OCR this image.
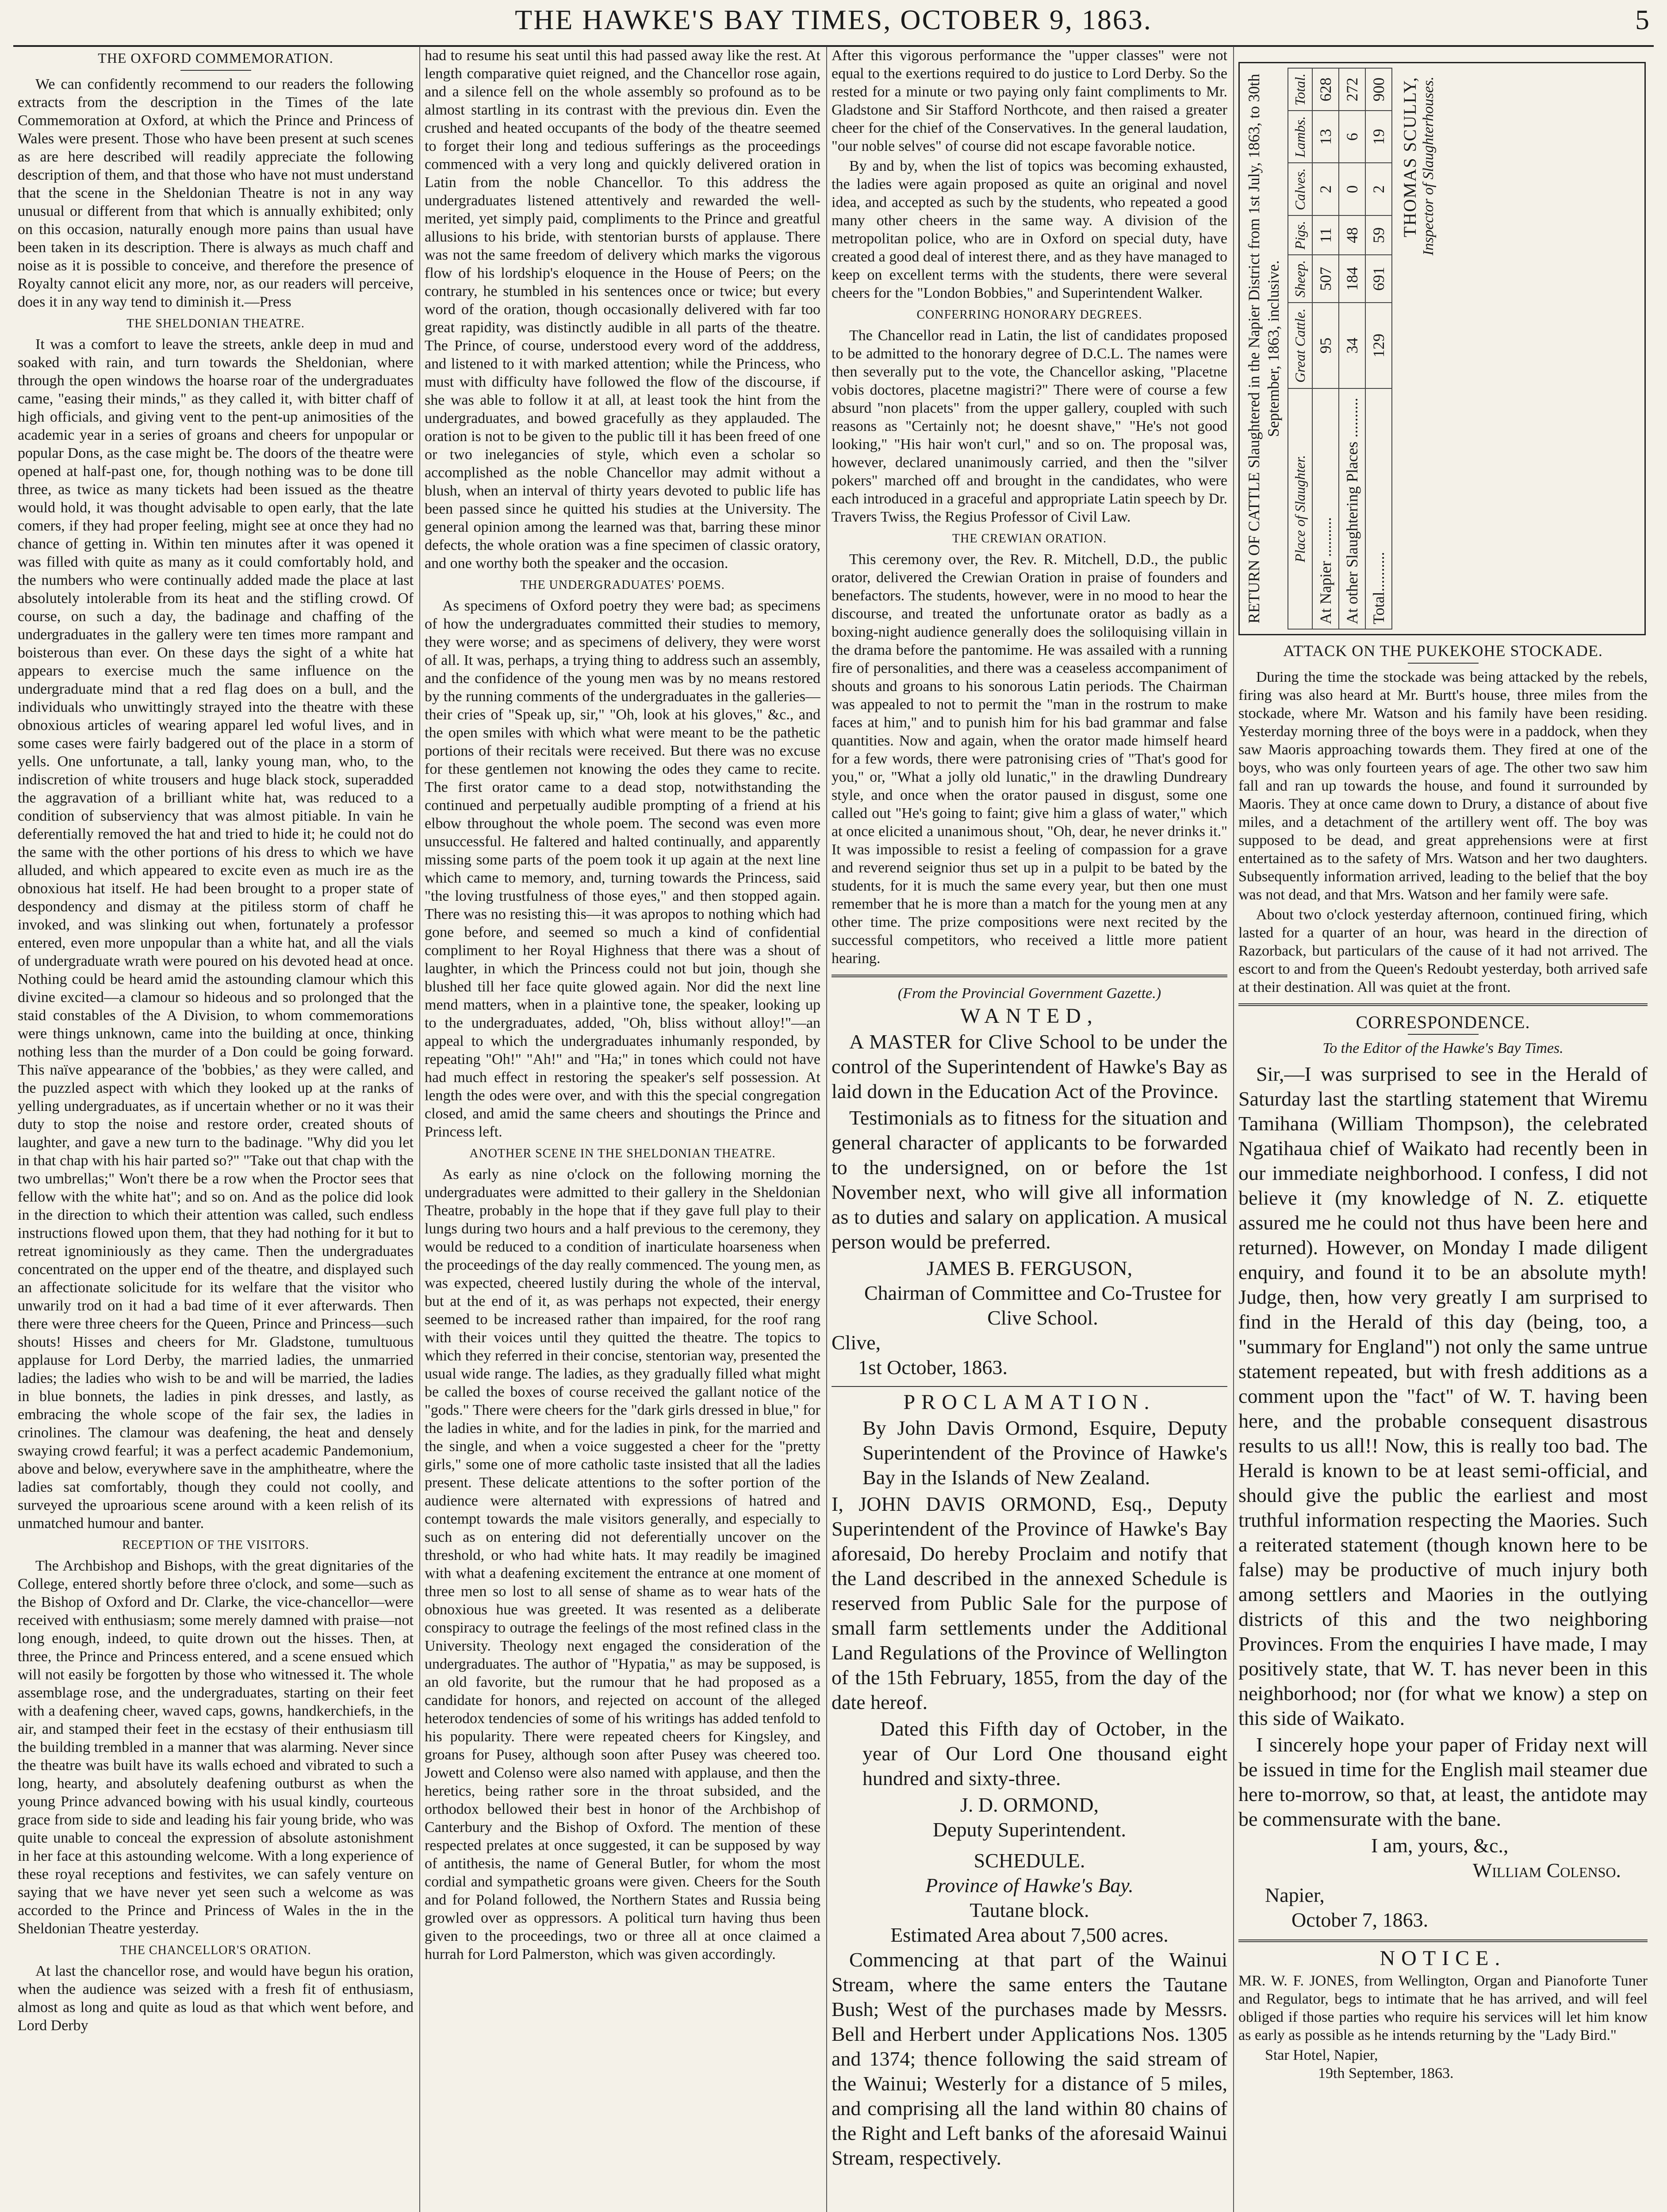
THE HAWKE'S BAY TIMES, OCTOBER 9, 1863.	5
THE OXFORD COMMEMORATION.

We can confidently recommend to our readers the following extracts from the description in the Times of the late Commemoration at Oxford, at which the Prince and Princess of Wales were present. Those who have been present at such scenes as are here described will readily appreciate the following description of them, and that those who have not must understand that the scene in the Sheldonian Theatre is not in any way unusual or different from that which is annually exhibited; only on this occasion, naturally enough more pains than usual have been taken in its description. There is always as much chaff and noise as it is possible to conceive, and therefore the presence of Royalty cannot elicit any more, nor, as our readers will perceive, does it in any way tend to diminish it.—Press

THE SHELDONIAN THEATRE.

It was a comfort to leave the streets, ankle deep in mud and soaked with rain, and turn towards the Sheldonian, where through the open windows the hoarse roar of the undergraduates came, "easing their minds," as they called it, with bitter chaff of high officials, and giving vent to the pent-up animosities of the academic year in a series of groans and cheers for unpopular or popular Dons, as the case might be. The doors of the theatre were opened at half-past one, for, though nothing was to be done till three, as twice as many tickets had been issued as the theatre would hold, it was thought advisable to open early, that the late comers, if they had proper feeling, might see at once they had no chance of getting in. Within ten minutes after it was opened it was filled with quite as many as it could comfortably hold, and the numbers who were continually added made the place at last absolutely intolerable from its heat and the stifling crowd. Of course, on such a day, the badinage and chaffing of the undergraduates in the gallery were ten times more rampant and boisterous than ever. On these days the sight of a white hat appears to exercise much the same influence on the undergraduate mind that a red flag does on a bull, and the individuals who unwittingly strayed into the theatre with these obnoxious articles of wearing apparel led woful lives, and in some cases were fairly badgered out of the place in a storm of yells. One unfortunate, a tall, lanky young man, who, to the indiscretion of white trousers and huge black stock, superadded the aggravation of a brilliant white hat, was reduced to a condition of subserviency that was almost pitiable. In vain he deferentially removed the hat and tried to hide it; he could not do the same with the other portions of his dress to which we have alluded, and which appeared to excite even as much ire as the obnoxious hat itself. He had been brought to a proper state of despondency and dismay at the pitiless storm of chaff he invoked, and was slinking out when, fortunately a professor entered, even more unpopular than a white hat, and all the vials of undergraduate wrath were poured on his devoted head at once. Nothing could be heard amid the astounding clamour which this divine excited—a clamour so hideous and so prolonged that the staid constables of the A Division, to whom commemorations were things unknown, came into the building at once, thinking nothing less than the murder of a Don could be going forward. This naïve appearance of the 'bobbies,' as they were called, and the puzzled aspect with which they looked up at the ranks of yelling undergraduates, as if uncertain whether or no it was their duty to stop the noise and restore order, created shouts of laughter, and gave a new turn to the badinage. "Why did you let in that chap with his hair parted so?" "Take out that chap with the two umbrellas;" Won't there be a row when the Proctor sees that fellow with the white hat"; and so on. And as the police did look in the direction to which their attention was called, such endless instructions flowed upon them, that they had nothing for it but to retreat ignominiously as they came. Then the undergraduates concentrated on the upper end of the theatre, and displayed such an affectionate solicitude for its welfare that the visitor who unwarily trod on it had a bad time of it ever afterwards. Then there were three cheers for the Queen, Prince and Princess—such shouts! Hisses and cheers for Mr. Gladstone, tumultuous applause for Lord Derby, the married ladies, the unmarried ladies; the ladies who wish to be and will be married, the ladies in blue bonnets, the ladies in pink dresses, and lastly, as embracing the whole scope of the fair sex, the ladies in crinolines. The clamour was deafening, the heat and densely swaying crowd fearful; it was a perfect academic Pandemonium, above and below, everywhere save in the amphitheatre, where the ladies sat comfortably, though they could not coolly, and surveyed the uproarious scene around with a keen relish of its unmatched humour and banter.

RECEPTION OF THE VISITORS.

The Archbishop and Bishops, with the great dignitaries of the College, entered shortly before three o'clock, and some—such as the Bishop of Oxford and Dr. Clarke, the vice-chancellor—were received with enthusiasm; some merely damned with praise—not long enough, indeed, to quite drown out the hisses. Then, at three, the Prince and Princess entered, and a scene ensued which will not easily be forgotten by those who witnessed it. The whole assemblage rose, and the undergraduates, starting on their feet with a deafening cheer, waved caps, gowns, handkerchiefs, in the air, and stamped their feet in the ecstasy of their enthusiasm till the building trembled in a manner that was alarming. Never since the theatre was built have its walls echoed and vibrated to such a long, hearty, and absolutely deafening outburst as when the young Prince advanced bowing with his usual kindly, courteous grace from side to side and leading his fair young bride, who was quite unable to conceal the expression of absolute astonishment in her face at this astounding welcome. With a long experience of these royal receptions and festivites, we can safely venture on saying that we have never yet seen such a welcome as was accorded to the Prince and Princess of Wales in the in the Sheldonian Theatre yesterday.

THE CHANCELLOR'S ORATION.

At last the chancellor rose, and would have begun his oration, when the audience was seized with a fresh fit of enthusiasm, almost as long and quite as loud as that which went before, and Lord Derby

had to resume his seat until this had passed away like the rest. At length comparative quiet reigned, and the Chancellor rose again, and a silence fell on the whole assembly so profound as to be almost startling in its contrast with the previous din. Even the crushed and heated occupants of the body of the theatre seemed to forget their long and tedious sufferings as the proceedings commenced with a very long and quickly delivered oration in Latin from the noble Chancellor. To this address the undergraduates listened attentively and rewarded the well-merited, yet simply paid, compliments to the Prince and greatful allusions to his bride, with stentorian bursts of applause. There was not the same freedom of delivery which marks the vigorous flow of his lordship's eloquence in the House of Peers; on the contrary, he stumbled in his sentences once or twice; but every word of the oration, though occasionally delivered with far too great rapidity, was distinctly audible in all parts of the theatre. The Prince, of course, understood every word of the adddress, and listened to it with marked attention; while the Princess, who must with difficulty have followed the flow of the discourse, if she was able to follow it at all, at least took the hint from the undergraduates, and bowed gracefully as they applauded. The oration is not to be given to the public till it has been freed of one or two inelegancies of style, which even a scholar so accomplished as the noble Chancellor may admit without a blush, when an interval of thirty years devoted to public life has been passed since he quitted his studies at the University. The general opinion among the learned was that, barring these minor defects, the whole oration was a fine specimen of classic oratory, and one worthy both the speaker and the occasion.

THE UNDERGRADUATES' POEMS.

As specimens of Oxford poetry they were bad; as specimens of how the undergraduates committed their studies to memory, they were worse; and as specimens of delivery, they were worst of all. It was, perhaps, a trying thing to address such an assembly, and the confidence of the young men was by no means restored by the running comments of the undergraduates in the galleries—their cries of "Speak up, sir," "Oh, look at his gloves," &c., and the open smiles with which what were meant to be the pathetic portions of their recitals were received. But there was no excuse for these gentlemen not knowing the odes they came to recite. The first orator came to a dead stop, notwithstanding the continued and perpetually audible prompting of a friend at his elbow throughout the whole poem. The second was even more unsuccessful. He faltered and halted continually, and apparently missing some parts of the poem took it up again at the next line which came to memory, and, turning towards the Princess, said "the loving trustfulness of those eyes," and then stopped again. There was no resisting this—it was apropos to nothing which had gone before, and seemed so much a kind of confidential compliment to her Royal Highness that there was a shout of laughter, in which the Princess could not but join, though she blushed till her face quite glowed again. Nor did the next line mend matters, when in a plaintive tone, the speaker, looking up to the undergraduates, added, "Oh, bliss without alloy!"—an appeal to which the undergraduates inhumanly responded, by repeating "Oh!" "Ah!" and "Ha;" in tones which could not have had much effect in restoring the speaker's self possession. At length the odes were over, and with this the special congregation closed, and amid the same cheers and shoutings the Prince and Princess left.

ANOTHER SCENE IN THE SHELDONIAN THEATRE.

As early as nine o'clock on the following morning the undergraduates were admitted to their gallery in the Sheldonian Theatre, probably in the hope that if they gave full play to their lungs during two hours and a half previous to the ceremony, they would be reduced to a condition of inarticulate hoarseness when the proceedings of the day really commenced. The young men, as was expected, cheered lustily during the whole of the interval, but at the end of it, as was perhaps not expected, their energy seemed to be increased rather than impaired, for the roof rang with their voices until they quitted the theatre. The topics to which they referred in their concise, stentorian way, presented the usual wide range. The ladies, as they gradually filled what might be called the boxes of course received the gallant notice of the "gods." There were cheers for the "dark girls dressed in blue," for the ladies in white, and for the ladies in pink, for the married and the single, and when a voice suggested a cheer for the "pretty girls," some one of more catholic taste insisted that all the ladies present. These delicate attentions to the softer portion of the audience were alternated with expressions of hatred and contempt towards the male visitors generally, and especially to such as on entering did not deferentially uncover on the threshold, or who had white hats. It may readily be imagined with what a deafening excitement the entrance at one moment of three men so lost to all sense of shame as to wear hats of the obnoxious hue was greeted. It was resented as a deliberate conspiracy to outrage the feelings of the most refined class in the University. Theology next engaged the consideration of the undergraduates. The author of "Hypatia," as may be supposed, is an old favorite, but the rumour that he had proposed as a candidate for honors, and rejected on account of the alleged heterodox tendencies of some of his writings has added tenfold to his popularity. There were repeated cheers for Kingsley, and groans for Pusey, although soon after Pusey was cheered too. Jowett and Colenso were also named with applause, and then the heretics, being rather sore in the throat subsided, and the orthodox bellowed their best in honor of the Archbishop of Canterbury and the Bishop of Oxford. The mention of these respected prelates at once suggested, it can be supposed by way of antithesis, the name of General Butler, for whom the most cordial and sympathetic groans were given. Cheers for the South and for Poland followed, the Northern States and Russia being growled over as oppressors. A political turn having thus been given to the proceedings, two or three all at once claimed a hurrah for Lord Palmerston, which was given accordingly.

After this vigorous performance the "upper classes" were not equal to the exertions required to do justice to Lord Derby. So the rested for a minute or two paying only faint compliments to Mr. Gladstone and Sir Stafford Northcote, and then raised a greater cheer for the chief of the Conservatives. In the general laudation, "our noble selves" of course did not escape favorable notice.

By and by, when the list of topics was becoming exhausted, the ladies were again proposed as quite an original and novel idea, and accepted as such by the students, who repeated a good many other cheers in the same way. A division of the metropolitan police, who are in Oxford on special duty, have created a good deal of interest there, and as they have managed to keep on excellent terms with the students, there were several cheers for the "London Bobbies," and Superintendent Walker.

CONFERRING HONORARY DEGREES.

The Chancellor read in Latin, the list of candidates proposed to be admitted to the honorary degree of D.C.L. The names were then severally put to the vote, the Chancellor asking, "Placetne vobis doctores, placetne magistri?" There were of course a few absurd "non placets" from the upper gallery, coupled with such reasons as "Certainly not; he doesnt shave," "He's not good looking," "His hair won't curl," and so on. The proposal was, however, declared unanimously carried, and then the "silver pokers" marched off and brought in the candidates, who were each introduced in a graceful and appropriate Latin speech by Dr. Travers Twiss, the Regius Professor of Civil Law.

THE CREWIAN ORATION.

This ceremony over, the Rev. R. Mitchell, D.D., the public orator, delivered the Crewian Oration in praise of founders and benefactors. The students, however, were in no mood to hear the discourse, and treated the unfortunate orator as badly as a boxing-night audience generally does the soliloquising villain in the drama before the pantomime. He was assailed with a running fire of personalities, and there was a ceaseless accompaniment of shouts and groans to his sonorous Latin periods. The Chairman was appealed to not to permit the "man in the rostrum to make faces at him," and to punish him for his bad grammar and false quantities. Now and again, when the orator made himself heard for a few words, there were patronising cries of "That's good for you," or, "What a jolly old lunatic," in the drawling Dundreary style, and once when the orator paused in disgust, some one called out "He's going to faint; give him a glass of water," which at once elicited a unanimous shout, "Oh, dear, he never drinks it." It was impossible to resist a feeling of compassion for a grave and reverend seignior thus set up in a pulpit to be bated by the students, for it is much the same every year, but then one must remember that he is more than a match for the young men at any other time. The prize compositions were next recited by the successful competitors, who received a little more patient hearing.

(From the Provincial Government Gazette.)
WANTED,

A MASTER for Clive School to be under the control of the Superintendent of Hawke's Bay as laid down in the Education Act of the Province.

Testimonials as to fitness for the situation and general character of applicants to be forwarded to the undersigned, on or before the 1st November next, who will give all information as to duties and salary on application. A musical person would be preferred.

JAMES B. FERGUSON,
Chairman of Committee and Co-Trustee for Clive School.
Clive,
1st October, 1863.
PROCLAMATION.

By John Davis Ormond, Esquire, Deputy Superintendent of the Province of Hawke's Bay in the Islands of New Zealand.

I, JOHN DAVIS ORMOND, Esq., Deputy Superintendent of the Province of Hawke's Bay aforesaid, Do hereby Proclaim and notify that the Land described in the annexed Schedule is reserved from Public Sale for the purpose of small farm settlements under the Additional Land Regulations of the Province of Wellington of the 15th February, 1855, from the day of the date hereof.

Dated this Fifth day of October, in the year of Our Lord One thousand eight hundred and sixty-three.

J. D. ORMOND,
Deputy Superintendent.
SCHEDULE.
Province of Hawke's Bay.
Tautane block.
Estimated Area about 7,500 acres.

Commencing at that part of the Wainui Stream, where the same enters the Tautane Bush; West of the purchases made by Messrs. Bell and Herbert under Applications Nos. 1305 and 1374; thence following the said stream of the Wainui; Westerly for a distance of 5 miles, and comprising all the land within 80 chains of the Right and Left banks of the aforesaid Wainui Stream, respectively.

RETURN OF CATTLE Slaughtered in the Napier District from 1st July, 1863, to 30th September, 1863, inclusive.
Place of Slaughter.	Great Cattle.	Sheep.	Pigs.	Calves.	Lambs.	Total.
At Napier ..........	95	507	11	2	13	628
At other Slaughtering Places ..........	34	184	48	0	6	272
Total..........	129	691	59	2	19	900 THOMAS SCULLY, Inspector of Slaughterhouses.
ATTACK ON THE PUKEKOHE STOCKADE.

During the time the stockade was being attacked by the rebels, firing was also heard at Mr. Burtt's house, three miles from the stockade, where Mr. Watson and his family have been residing. Yesterday morning three of the boys were in a paddock, when they saw Maoris approaching towards them. They fired at one of the boys, who was only fourteen years of age. The other two saw him fall and ran up towards the house, and found it surrounded by Maoris. They at once came down to Drury, a distance of about five miles, and a detachment of the artillery went off. The boy was supposed to be dead, and great apprehensions were at first entertained as to the safety of Mrs. Watson and her two daughters. Subsequently information arrived, leading to the belief that the boy was not dead, and that Mrs. Watson and her family were safe.

About two o'clock yesterday afternoon, continued firing, which lasted for a quarter of an hour, was heard in the direction of Razorback, but particulars of the cause of it had not arrived. The escort to and from the Queen's Redoubt yesterday, both arrived safe at their destination. All was quiet at the front.

CORRESPONDENCE.
To the Editor of the Hawke's Bay Times.

Sir,—I was surprised to see in the Herald of Saturday last the startling statement that Wiremu Tamihana (William Thompson), the celebrated Ngatihaua chief of Waikato had recently been in our immediate neighborhood. I confess, I did not believe it (my knowledge of N. Z. etiquette assured me he could not thus have been here and returned). However, on Monday I made diligent enquiry, and found it to be an absolute myth! Judge, then, how very greatly I am surprised to find in the Herald of this day (being, too, a "summary for England") not only the same untrue statement repeated, but with fresh additions as a comment upon the "fact" of W. T. having been here, and the probable consequent disastrous results to us all!! Now, this is really too bad. The Herald is known to be at least semi-official, and should give the public the earliest and most truthful information respecting the Maories. Such a reiterated statement (though known here to be false) may be productive of much injury both among settlers and Maories in the outlying districts of this and the two neighboring Provinces. From the enquiries I have made, I may positively state, that W. T. has never been in this neighborhood; nor (for what we know) a step on this side of Waikato.

I sincerely hope your paper of Friday next will be issued in time for the English mail steamer due here to-morrow, so that, at least, the antidote may be commensurate with the bane.

I am, yours, &c.,
William Colenso.
Napier,
October 7, 1863.
NOTICE.

MR. W. F. JONES, from Wellington, Organ and Pianoforte Tuner and Regulator, begs to intimate that he has arrived, and will feel obliged if those parties who require his services will let him know as early as possible as he intends returning by the "Lady Bird."

Star Hotel, Napier,
19th September, 1863.
